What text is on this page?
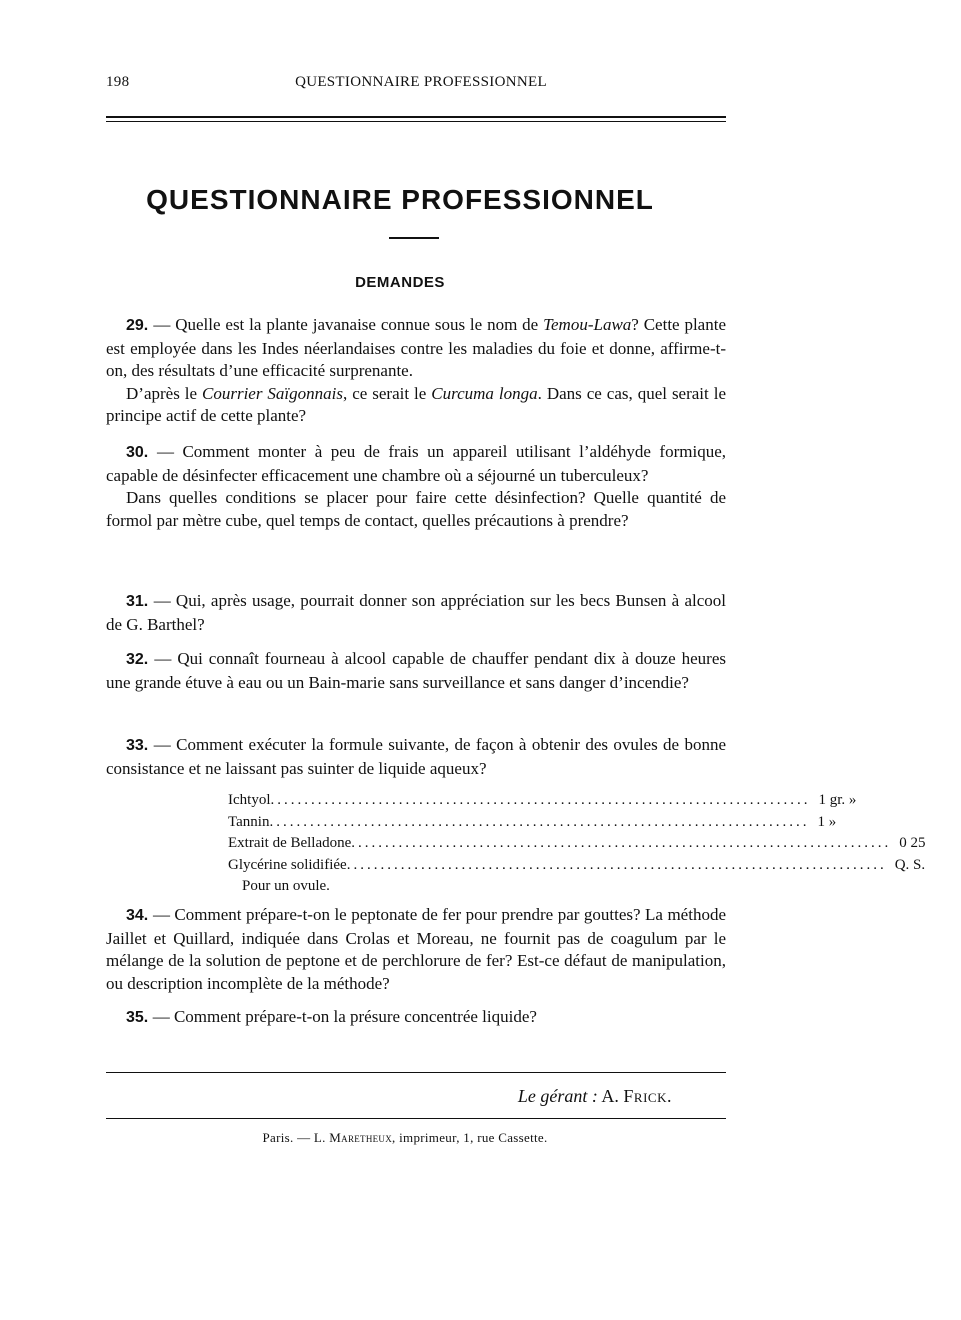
198	QUESTIONNAIRE PROFESSIONNEL
QUESTIONNAIRE PROFESSIONNEL
DEMANDES

29. — Quelle est la plante javanaise connue sous le nom de Temou-Lawa? Cette plante est employée dans les Indes néerlandaises contre les maladies du foie et donne, affirme-t-on, des résultats d’une efficacité surprenante.

D’après le Courrier Saïgonnais, ce serait le Curcuma longa. Dans ce cas, quel serait le principe actif de cette plante?

30. — Comment monter à peu de frais un appareil utilisant l’aldéhyde formique, capable de désinfecter efficacement une chambre où a séjourné un tuberculeux?

Dans quelles conditions se placer pour faire cette désinfection? Quelle quantité de formol par mètre cube, quel temps de contact, quelles précautions à prendre?

31. — Qui, après usage, pourrait donner son appréciation sur les becs Bunsen à alcool de G. Barthel?

32. — Qui connaît fourneau à alcool capable de chauffer pendant dix à douze heures une grande étuve à eau ou un Bain-marie sans surveillance et sans danger d’incendie?

33. — Comment exécuter la formule suivante, de façon à obtenir des ovules de bonne consistance et ne laissant pas suinter de liquide aqueux?

Ichtyol ................................................................................ 1 gr. »
Tannin ................................................................................ 1 »
Extrait de Belladone ................................................................................ 0 25
Glycérine solidifiée ................................................................................ Q. S.
Pour un ovule.

34. — Comment prépare-t-on le peptonate de fer pour prendre par gouttes? La méthode Jaillet et Quillard, indiquée dans Crolas et Moreau, ne fournit pas de coagulum par le mélange de la solution de peptone et de perchlorure de fer? Est-ce défaut de manipulation, ou description incomplète de la méthode?

35. — Comment prépare-t-on la présure concentrée liquide?

Le gérant : A. Frick.
Paris. — L. Maretheux, imprimeur, 1, rue Cassette.
